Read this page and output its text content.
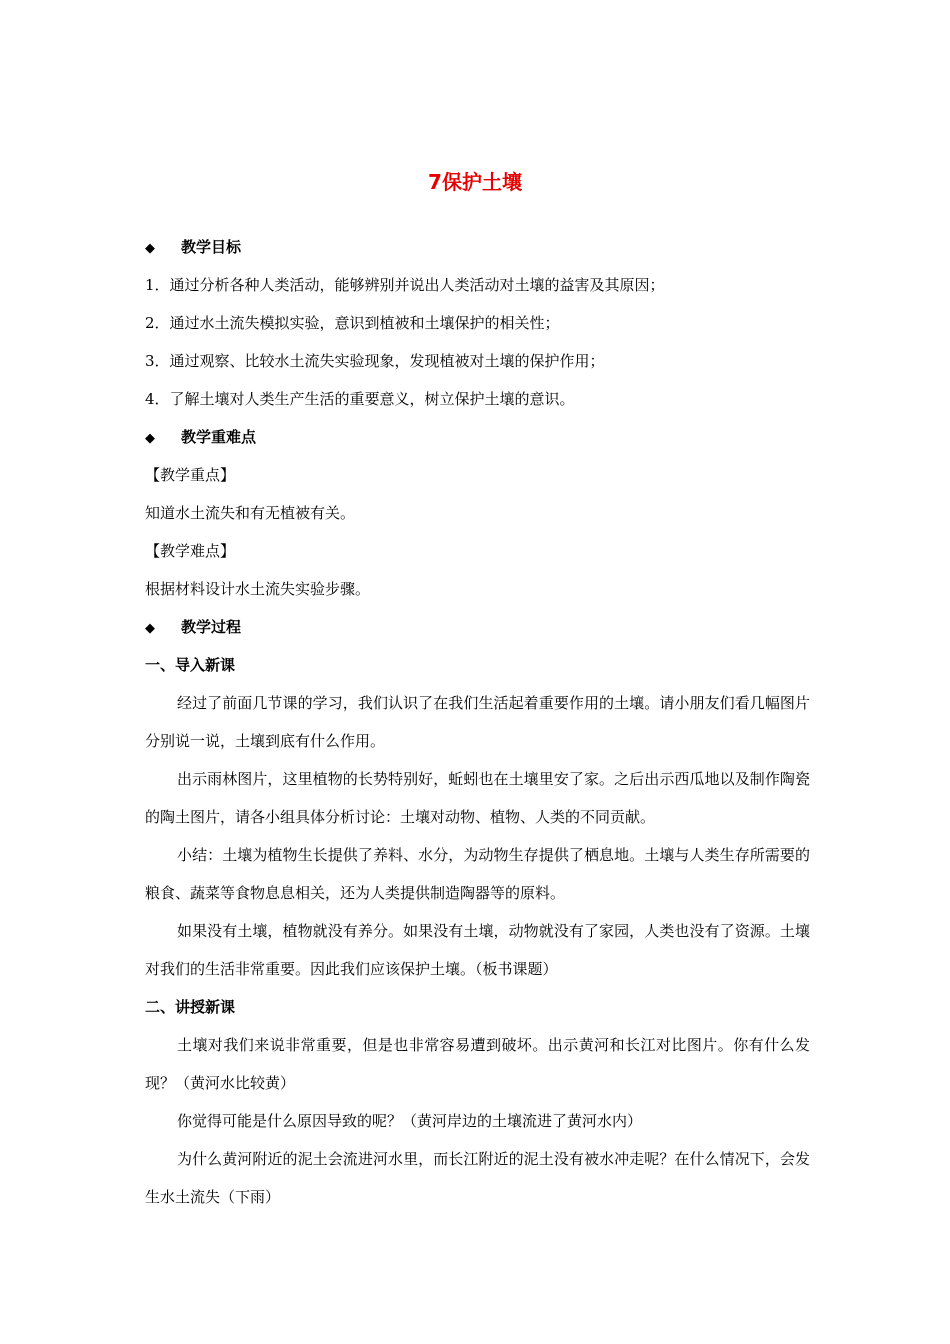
7保护土壤
◆ 教学目标
1．通过分析各种人类活动，能够辨别并说出人类活动对土壤的益害及其原因；
2．通过水土流失模拟实验，意识到植被和土壤保护的相关性；
3．通过观察、比较水土流失实验现象，发现植被对土壤的保护作用；
4．了解土壤对人类生产生活的重要意义，树立保护土壤的意识。
◆ 教学重难点
【教学重点】
知道水土流失和有无植被有关。
【教学难点】
根据材料设计水土流失实验步骤。
◆ 教学过程
一、导入新课
经过了前面几节课的学习，我们认识了在我们生活起着重要作用的土壤。请小朋友们看几幅图片分别说一说，土壤到底有什么作用。
出示雨林图片，这里植物的长势特别好，蚯蚓也在土壤里安了家。之后出示西瓜地以及制作陶瓷的陶土图片，请各小组具体分析讨论：土壤对动物、植物、人类的不同贡献。
小结：土壤为植物生长提供了养料、水分，为动物生存提供了栖息地。土壤与人类生存所需要的粮食、蔬菜等食物息息相关，还为人类提供制造陶器等的原料。
如果没有土壤，植物就没有养分。如果没有土壤，动物就没有了家园，人类也没有了资源。土壤对我们的生活非常重要。因此我们应该保护土壤。（板书课题）
二、讲授新课
土壤对我们来说非常重要，但是也非常容易遭到破坏。出示黄河和长江对比图片。你有什么发现？（黄河水比较黄）
你觉得可能是什么原因导致的呢？（黄河岸边的土壤流进了黄河水内）
为什么黄河附近的泥土会流进河水里，而长江附近的泥土没有被水冲走呢？在什么情况下，会发生水土流失（下雨）
